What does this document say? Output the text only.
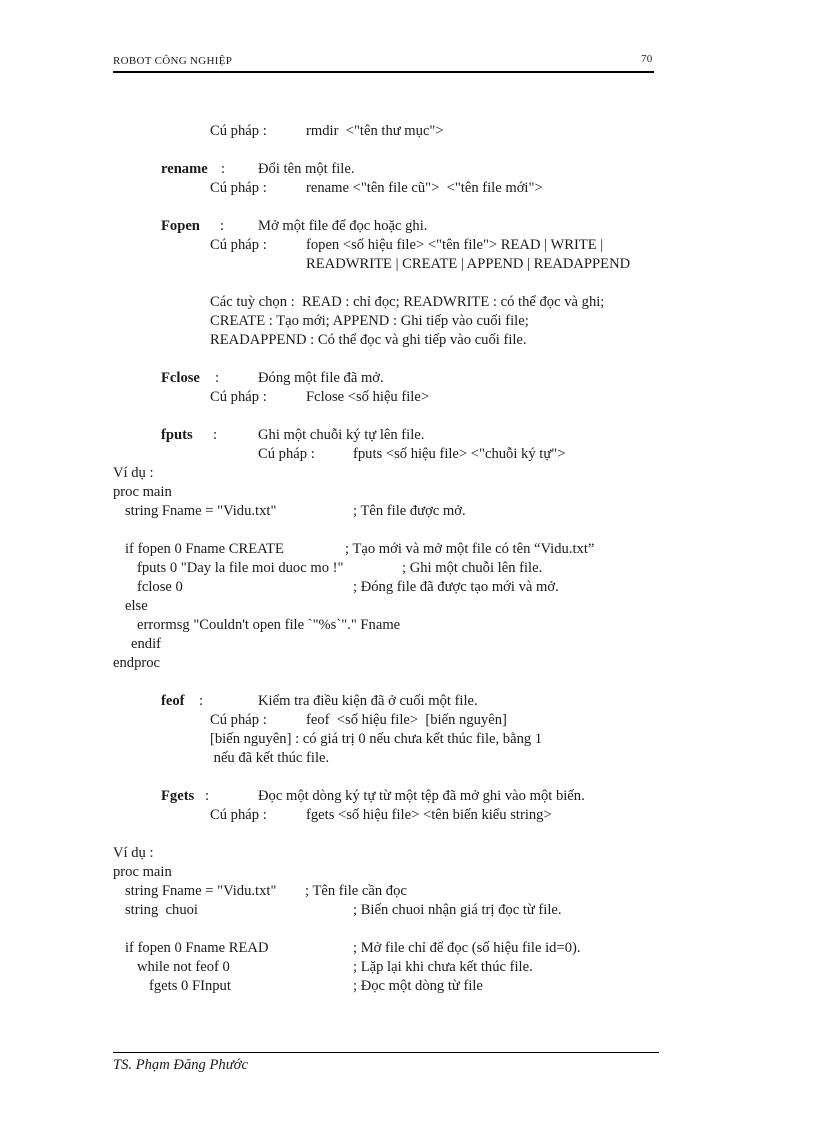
ROBOT CÔNG NGHIỆP	70
Cú pháp :	rmdir  <"tên thư mục">
rename : Đổi tên một file.
Cú pháp :	rename <"tên file cũ">  <"tên file mới">
Fopen : Mở một file để đọc hoặc ghi.
Cú pháp :	fopen <số hiệu file> <"tên file"> READ | WRITE |
READWRITE | CREATE | APPEND | READAPPEND
Các tuỳ chọn :  READ : chỉ đọc; READWRITE : có thể đọc và ghi;
CREATE : Tạo mới; APPEND : Ghi tiếp vào cuối file;
READAPPEND : Có thể đọc và ghi tiếp vào cuối file.
Fclose :	Đóng một file đã mở.
Cú pháp :	Fclose <số hiệu file>
fputs :	Ghi một chuỗi ký tự lên file.
Cú pháp :	fputs <số hiệu file> <"chuỗi ký tự">
Ví dụ :
proc main
string Fname = "Vidu.txt"	; Tên file được mở.
if fopen 0 Fname CREATE	; Tạo mới và mở một file có tên “Vidu.txt”
fputs 0 "Day la file moi duoc mo !"	; Ghi một chuỗi lên file.
fclose 0	; Đóng file đã được tạo mới và mở.
else
errormsg "Couldn't open file `"%s`"." Fname
endif
endproc
feof :	Kiểm tra điều kiện đã ở cuối một file.
Cú pháp :	feof  <số hiệu file>  [biến nguyên]
[biến nguyên] : có giá trị 0 nếu chưa kết thúc file, bằng 1
nếu đã kết thúc file.
Fgets :	Đọc một dòng ký tự từ một tệp đã mở ghi vào một biến.
Cú pháp :	fgets <số hiệu file> <tên biến kiểu string>
Ví dụ :
proc main
string Fname = "Vidu.txt" ; Tên file cần đọc
string  chuoi	; Biến chuoi nhận giá trị đọc từ file.
if fopen 0 Fname READ	; Mở file chỉ để đọc (số hiệu file id=0).
while not feof 0	; Lặp lại khi chưa kết thúc file.
fgets 0 FInput	; Đọc một dòng từ file
TS. Phạm Đăng Phước
